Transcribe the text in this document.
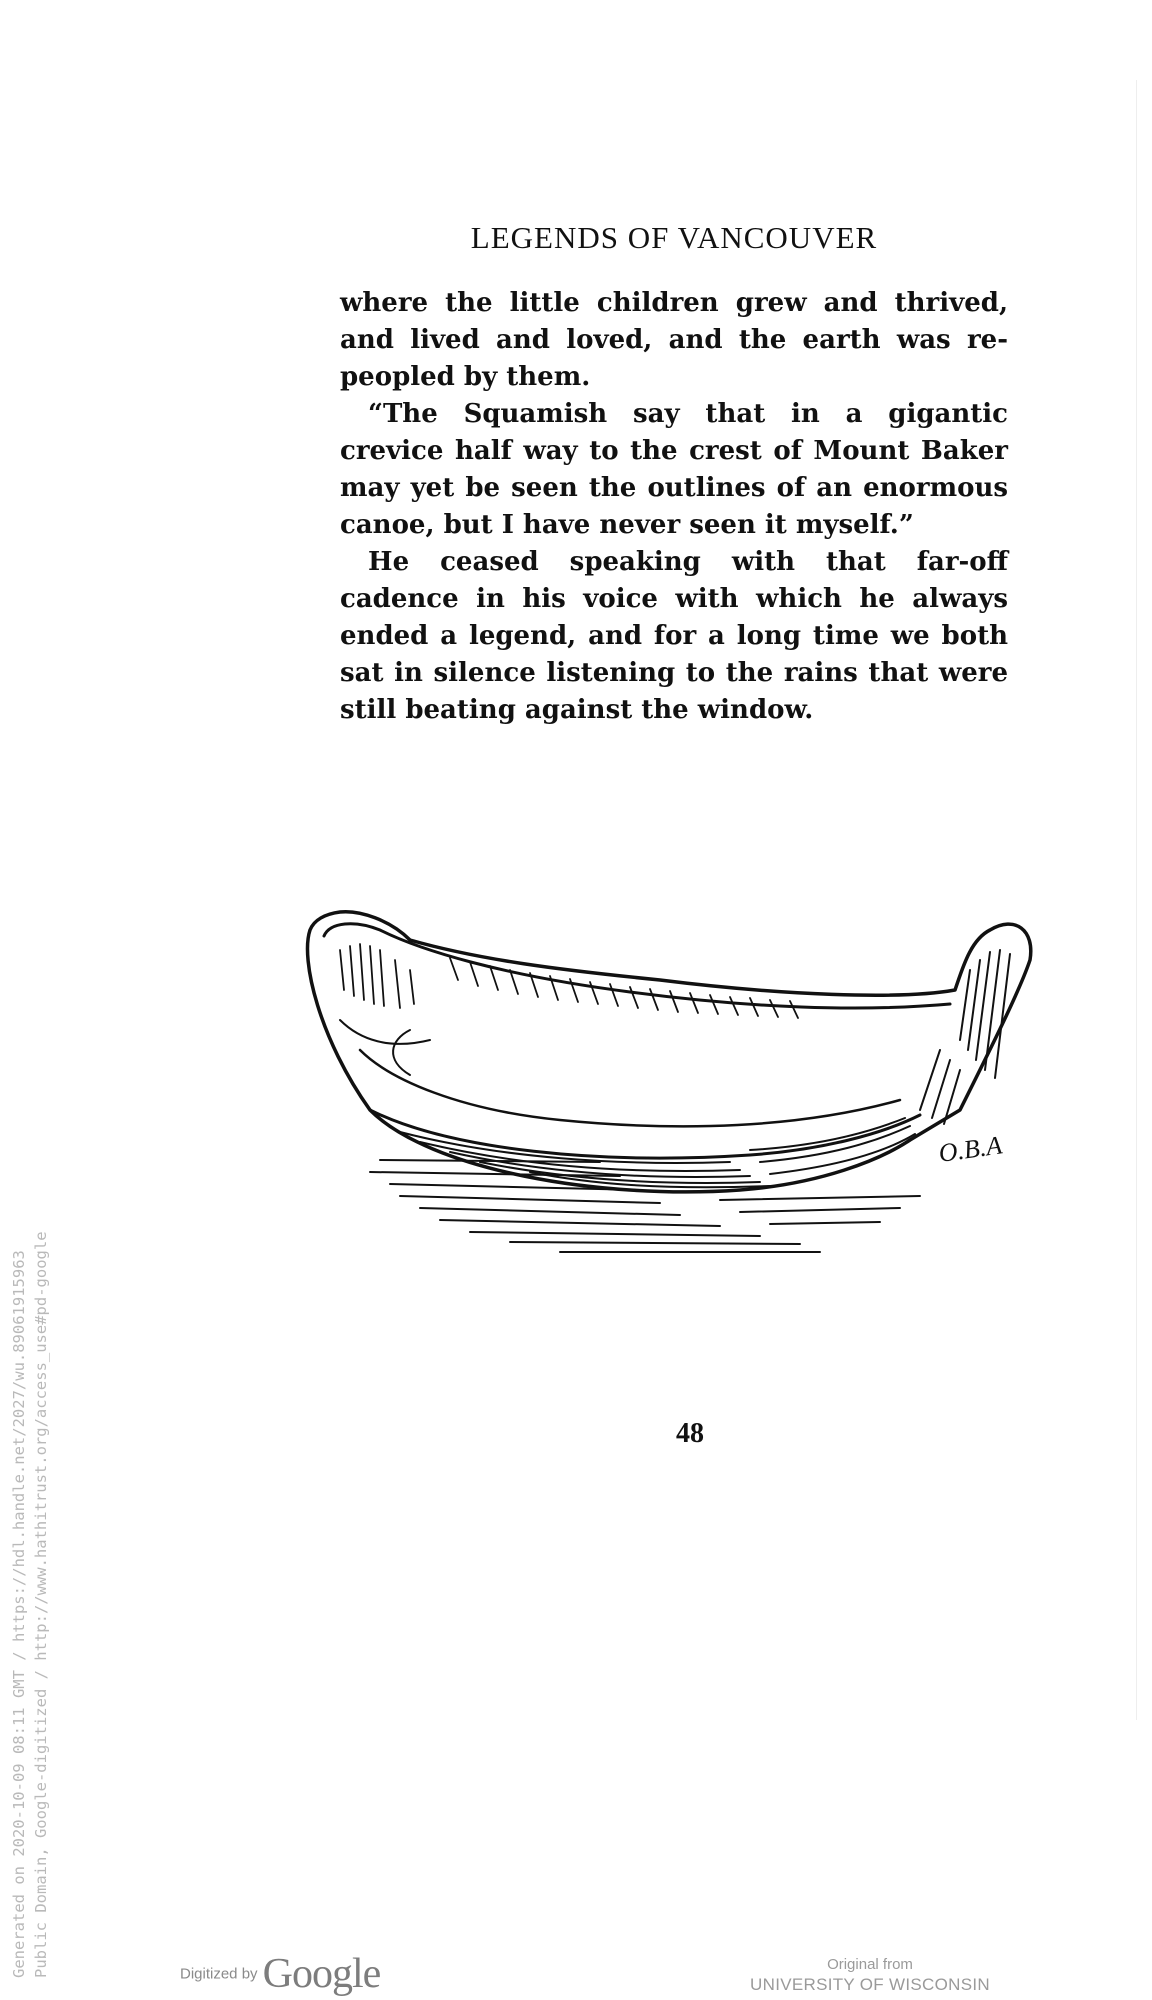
LEGENDS OF VANCOUVER

where the little children grew and thrived, and lived and loved, and the earth was re-peopled by them.

“The Squamish say that in a gigantic crevice half way to the crest of Mount Baker may yet be seen the outlines of an enormous canoe, but I have never seen it myself.”

He ceased speaking with that far-off cadence in his voice with which he always ended a legend, and for a long time we both sat in silence listening to the rains that were still beating against the window.

O.B.A
48
Generated on 2020-10-09 08:11 GMT / https://hdl.handle.net/2027/wu.89061915963 Public Domain, Google-digitized / http://www.hathitrust.org/access_use#pd-google	Digitized by Google	Original from
UNIVERSITY OF WISCONSIN
